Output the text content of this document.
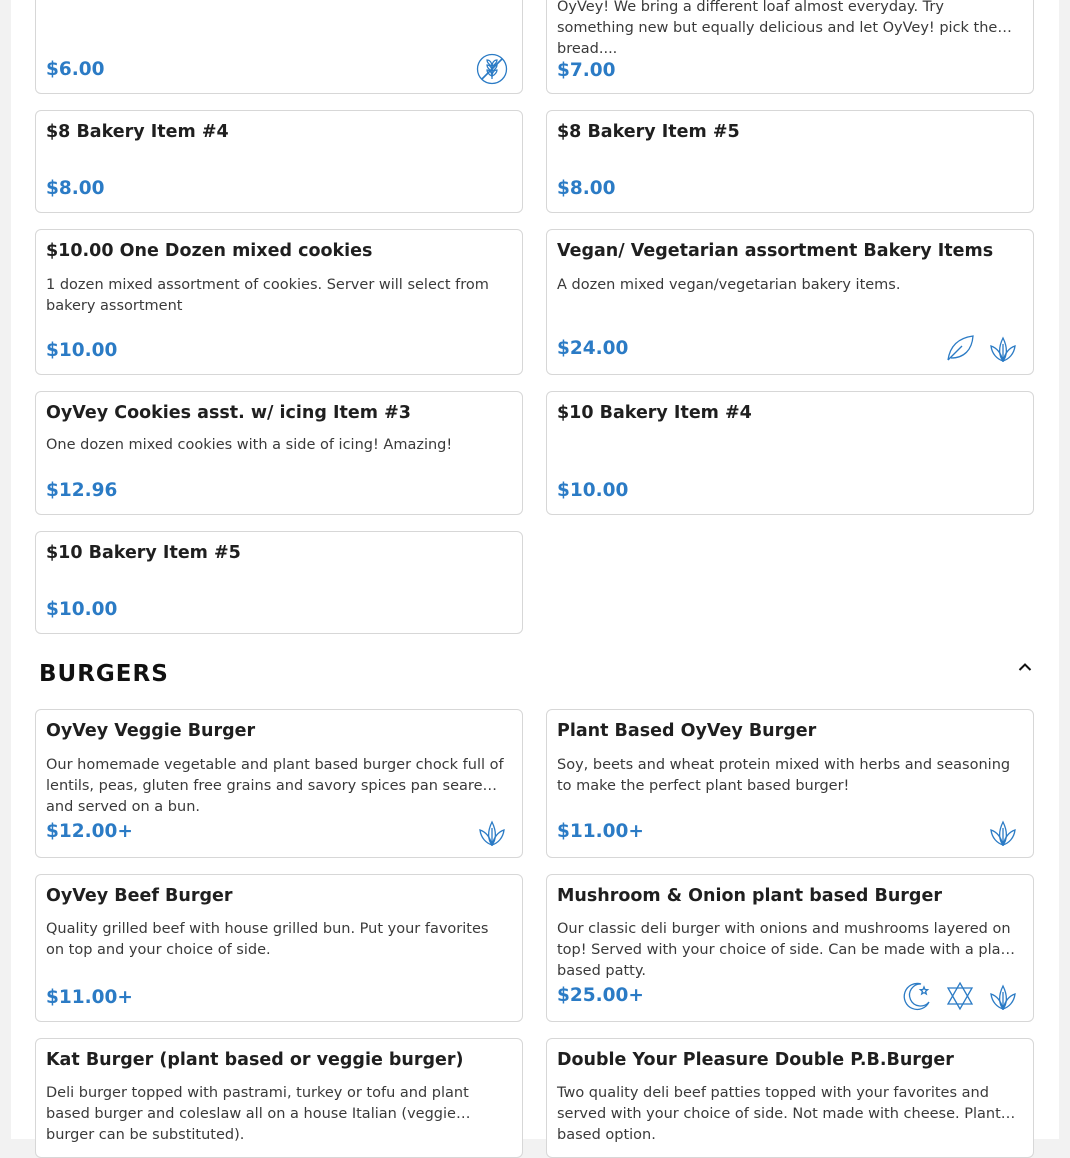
$6.00
OyVey! We bring a different loaf almost everyday. Try something new but equally delicious and let OyVey! pick the bread....
$7.00
$8 Bakery Item #4
$8.00
$8 Bakery Item #5
$8.00
$10.00 One Dozen mixed cookies
1 dozen mixed assortment of cookies. Server will select from bakery assortment
$10.00
Vegan/ Vegetarian assortment Bakery Items
A dozen mixed vegan/vegetarian bakery items.
$24.00
OyVey Cookies asst. w/ icing Item #3
One dozen mixed cookies with a side of icing! Amazing!
$12.96
$10 Bakery Item #4
$10.00
$10 Bakery Item #5
$10.00
BURGERS
OyVey Veggie Burger
Our homemade vegetable and plant based burger chock full of lentils, peas, gluten free grains and savory spices pan seared and served on a bun.
$12.00+
Plant Based OyVey Burger
Soy, beets and wheat protein mixed with herbs and seasoning to make the perfect plant based burger!
$11.00+
OyVey Beef Burger
Quality grilled beef with house grilled bun. Put your favorites on top and your choice of side.
$11.00+
Mushroom & Onion plant based Burger
Our classic deli burger with onions and mushrooms layered on top! Served with your choice of side. Can be made with a plant based patty.
$25.00+
Kat Burger (plant based or veggie burger)
Deli burger topped with pastrami, turkey or tofu and plant based burger and coleslaw all on a house Italian (veggie burger can be substituted).
Double Your Pleasure Double P.B.Burger
Two quality deli beef patties topped with your favorites and served with your choice of side. Not made with cheese. Plant based option.
